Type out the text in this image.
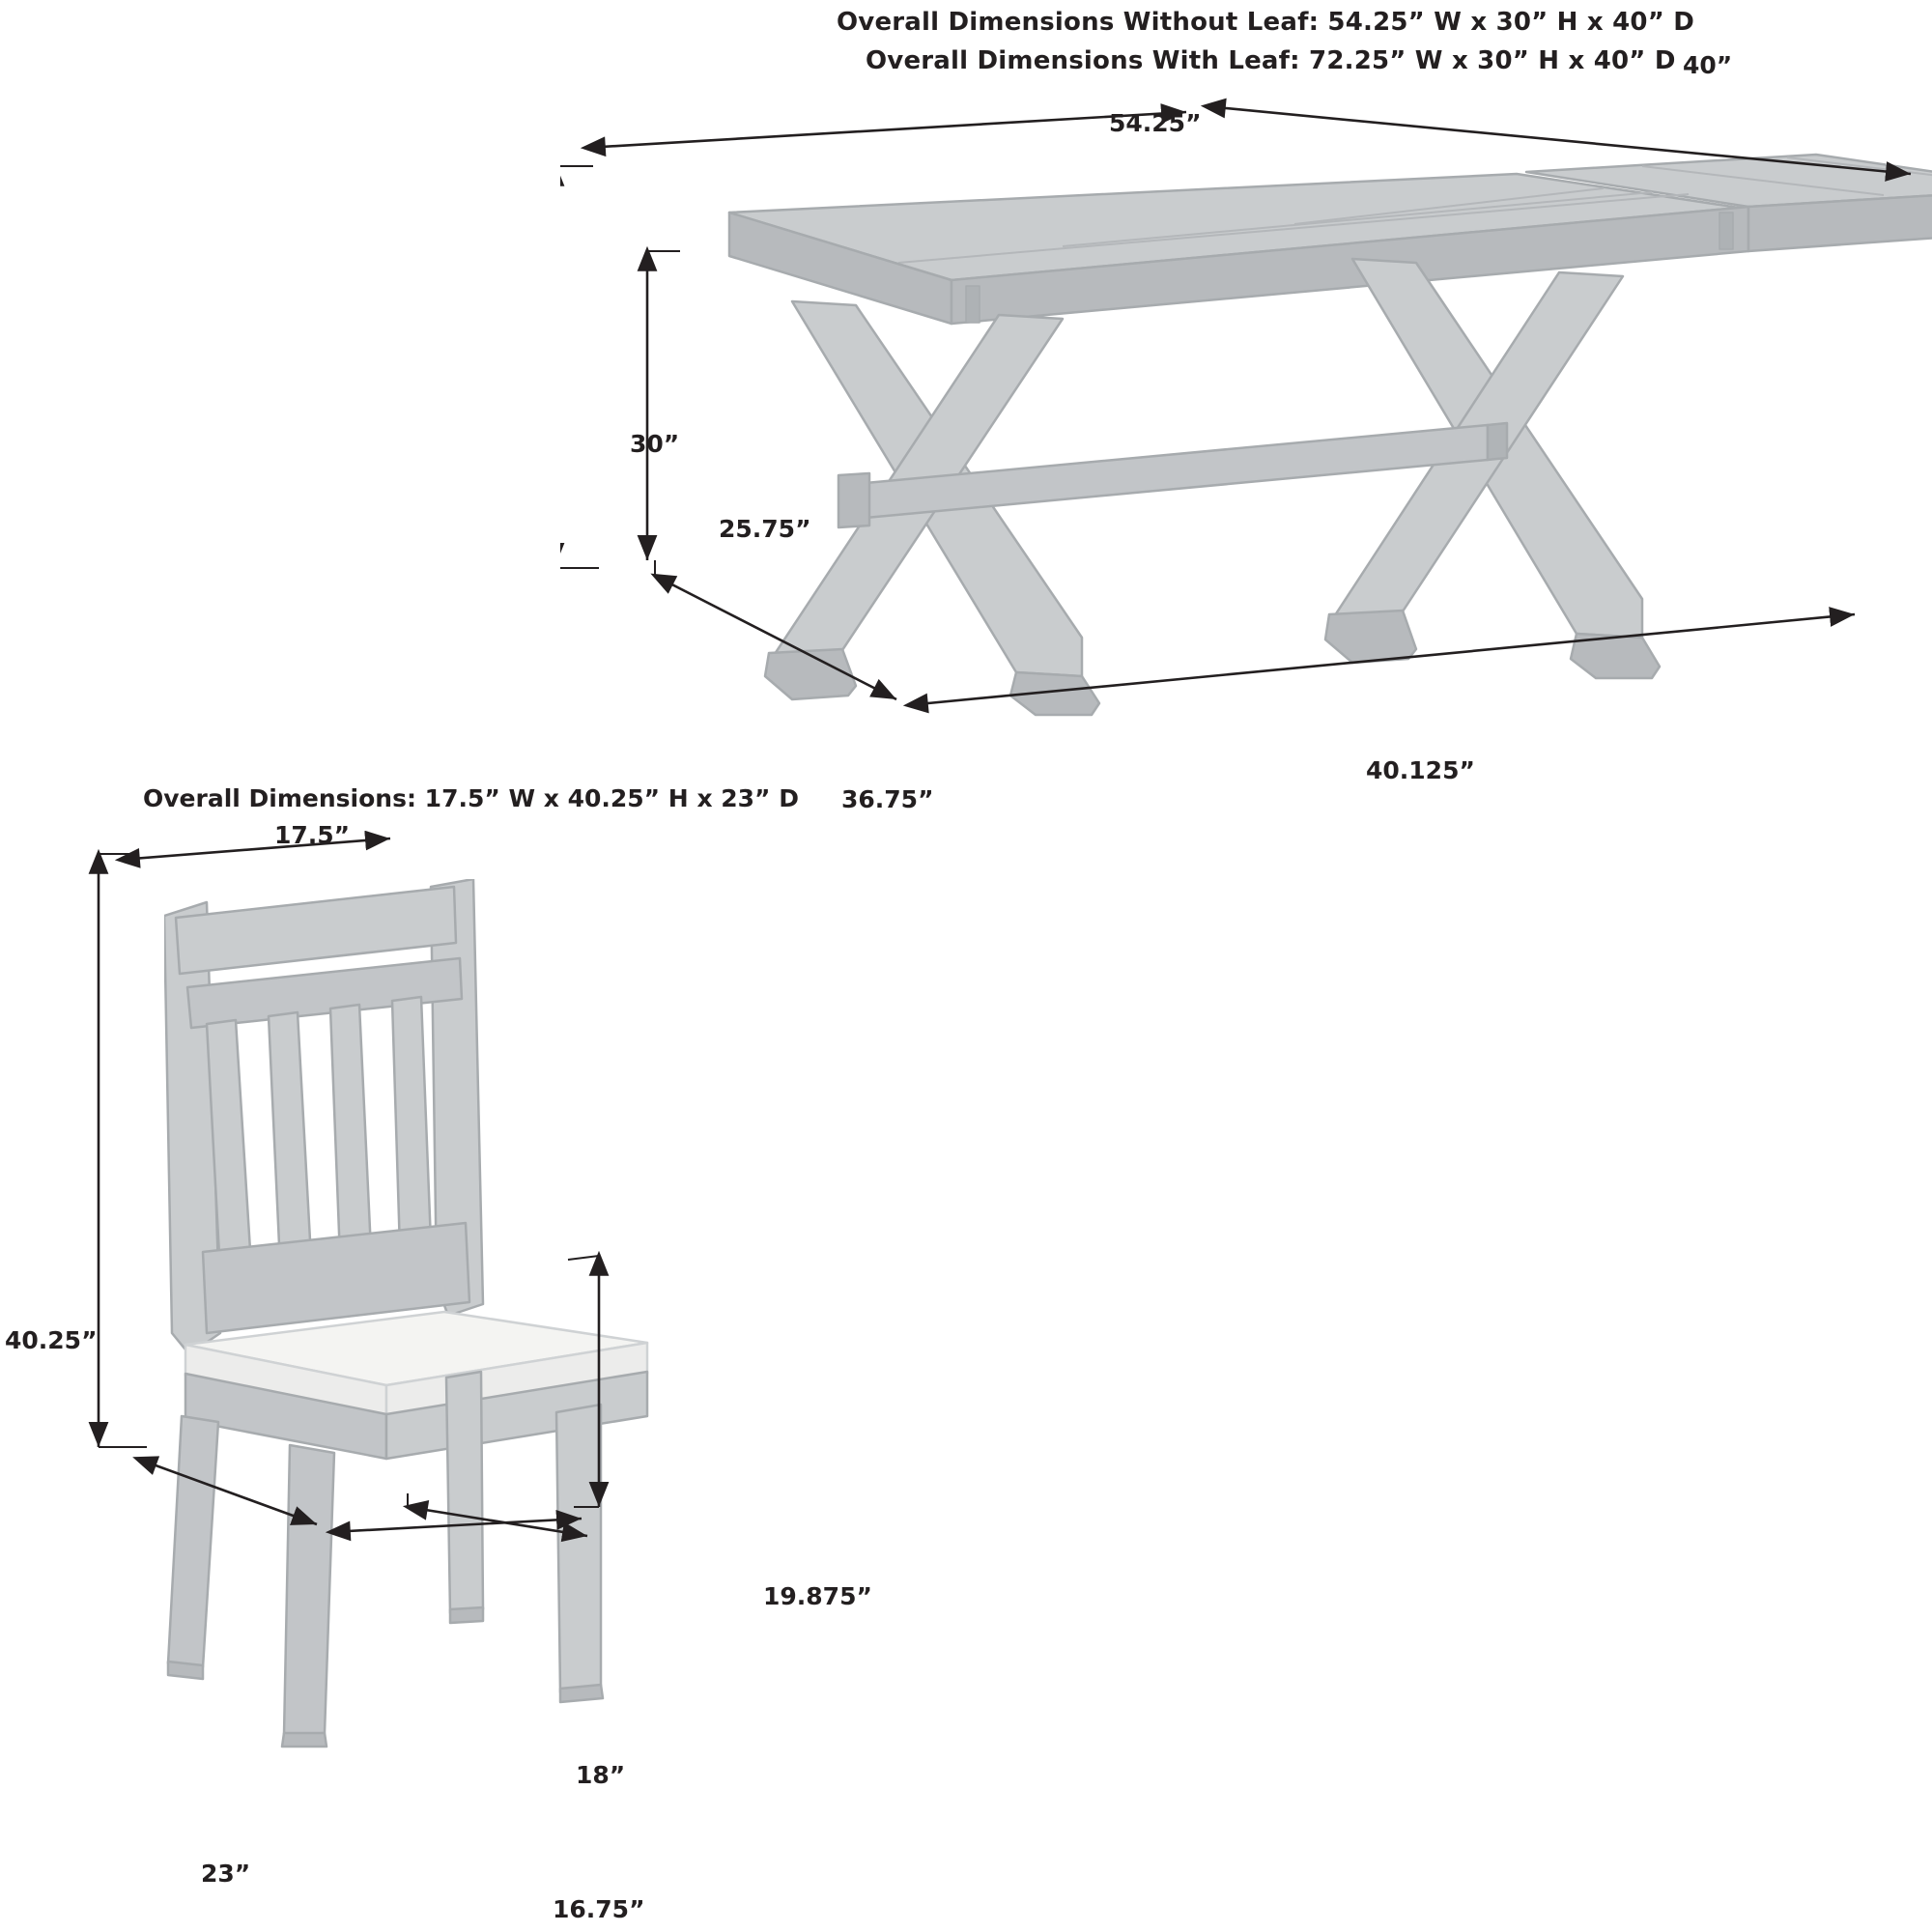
Overall Dimensions Without Leaf: 54.25” W x 30” H x 40” D
Overall Dimensions With Leaf: 72.25” W x 30” H x 40” D
Overall Dimensions: 17.5” W x 40.25” H x 23” D
54.25”
40”
30”
25.75”
36.75”
40.125”
17.5”
40.25”
19.875”
18”
23”
16.75”
